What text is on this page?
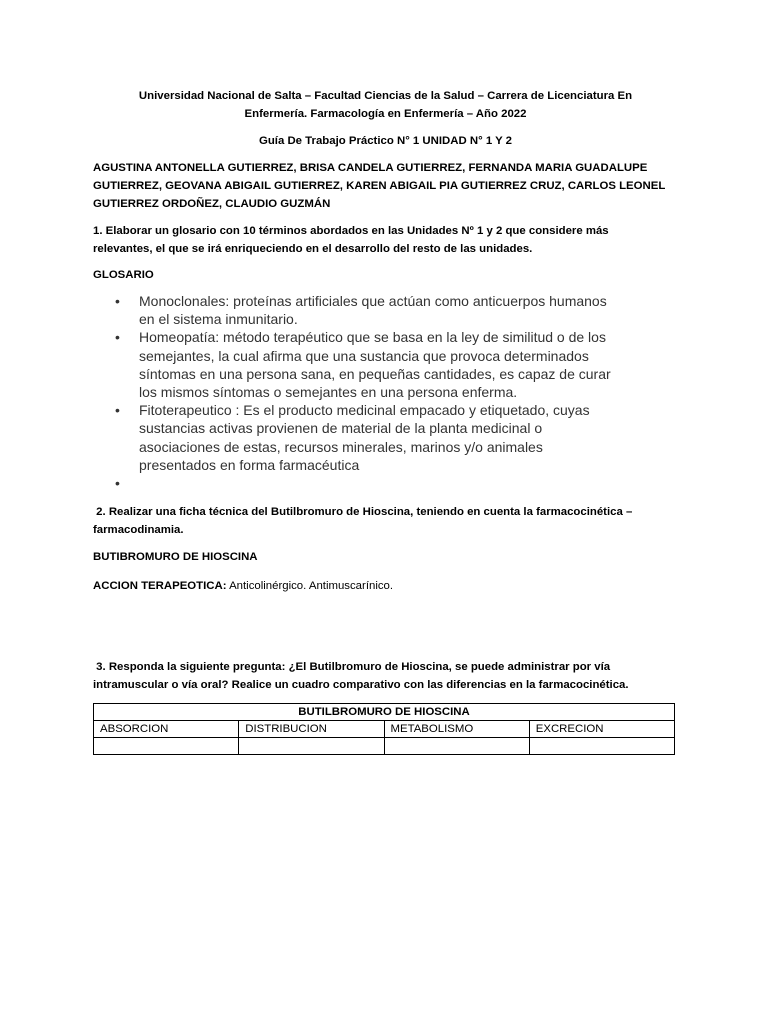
Universidad Nacional de Salta – Facultad Ciencias de la Salud – Carrera de Licenciatura En
Enfermería. Farmacología en Enfermería – Año 2022
Guía De Trabajo Práctico N° 1 UNIDAD N° 1 Y 2
AGUSTINA ANTONELLA GUTIERREZ, BRISA CANDELA GUTIERREZ, FERNANDA MARIA GUADALUPE
GUTIERREZ, GEOVANA ABIGAIL GUTIERREZ, KAREN ABIGAIL PIA GUTIERREZ CRUZ, CARLOS LEONEL
GUTIERREZ ORDOÑEZ, CLAUDIO GUZMÁN
1. Elaborar un glosario con 10 términos abordados en las Unidades Nº 1 y 2 que considere más
relevantes, el que se irá enriqueciendo en el desarrollo del resto de las unidades.
GLOSARIO
• Monoclonales: proteínas artificiales que actúan como anticuerpos humanos
en el sistema inmunitario.
• Homeopatía: método terapéutico que se basa en la ley de similitud o de los
semejantes, la cual afirma que una sustancia que provoca determinados
síntomas en una persona sana, en pequeñas cantidades, es capaz de curar
los mismos síntomas o semejantes en una persona enferma.
• Fitoterapeutico : Es el producto medicinal empacado y etiquetado, cuyas
sustancias activas provienen de material de la planta medicinal o
asociaciones de estas, recursos minerales, marinos y/o animales
presentados en forma farmacéutica
•
2. Realizar una ficha técnica del Butilbromuro de Hioscina, teniendo en cuenta la farmacocinética –
farmacodinamia.
BUTIBROMURO DE HIOSCINA
ACCION TERAPEOTICA: Anticolinérgico. Antimuscarínico.
3. Responda la siguiente pregunta: ¿El Butilbromuro de Hioscina, se puede administrar por vía
intramuscular o vía oral? Realice un cuadro comparativo con las diferencias en la farmacocinética.
BUTILBROMURO DE HIOSCINA			
ABSORCION	DISTRIBUCION	METABOLISMO	EXCRECION
